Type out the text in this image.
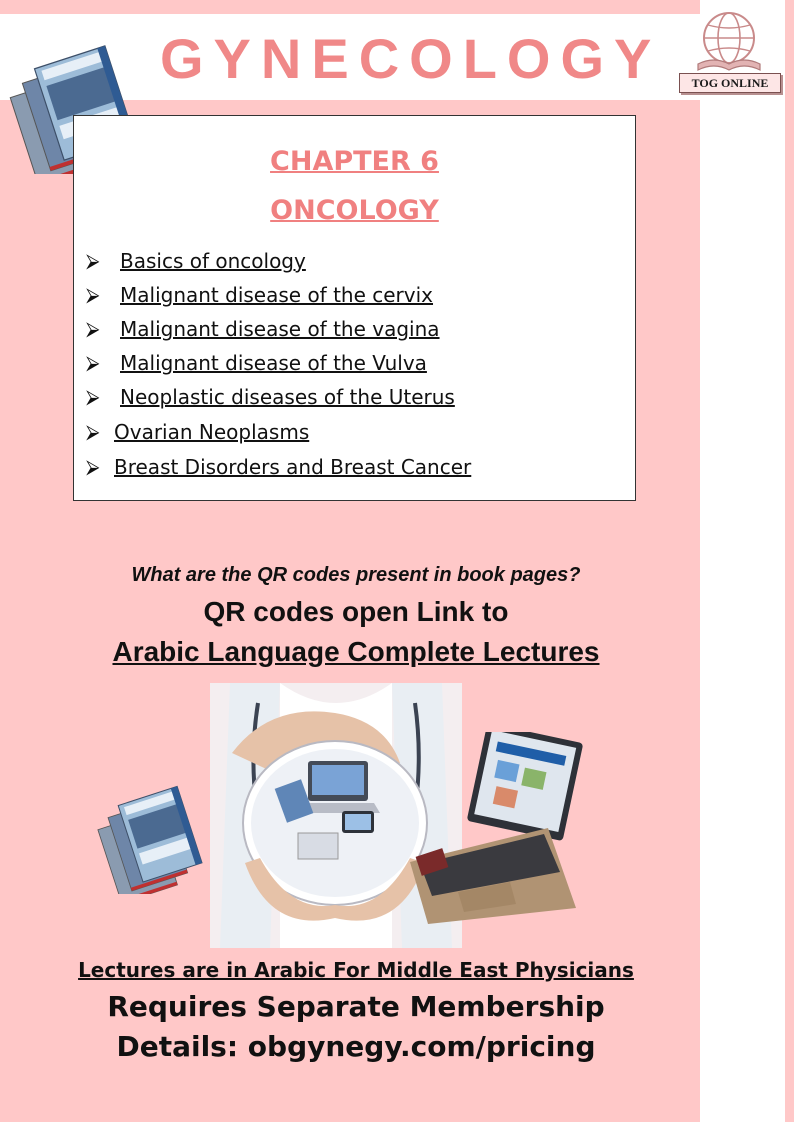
GYNECOLOGY	TOG ONLINE
CHAPTER 6
ONCOLOGY
⮚	Basics of oncology
⮚	Malignant disease of the cervix
⮚	Malignant disease of the vagina
⮚	Malignant disease of the Vulva
⮚	Neoplastic diseases of the Uterus
⮚ Ovarian Neoplasms
⮚ Breast Disorders and Breast Cancer
What are the QR codes present in book pages?
QR codes open Link to
Arabic Language Complete Lectures
Lectures are in Arabic For Middle East Physicians
Requires Separate Membership
Details: obgynegy.com/pricing
